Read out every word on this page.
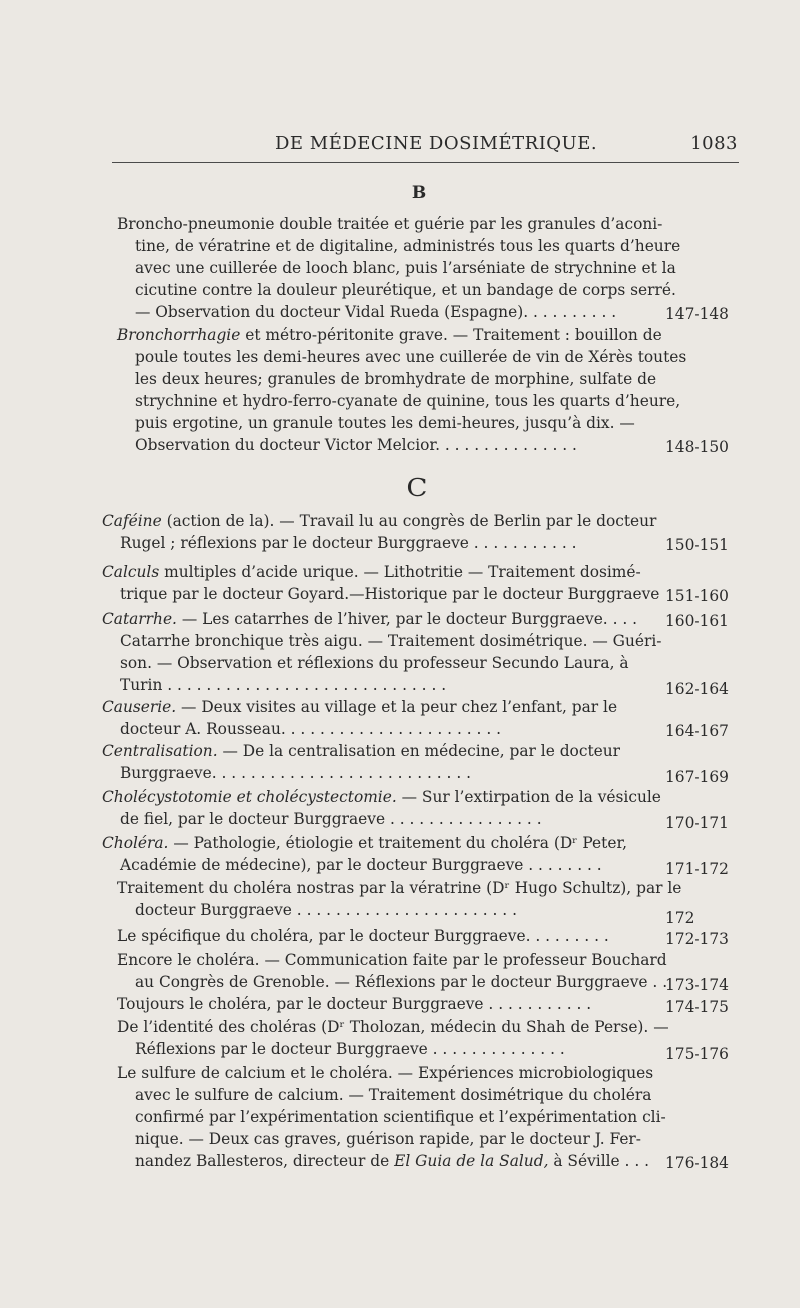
DE MÉDECINE DOSIMÉTRIQUE.	1083
B
Broncho-pneumonie double traitée et guérie par les granules d’aconi-
tine, de vératrine et de digitaline, administrés tous les quarts d’heure
avec une cuillerée de looch blanc, puis l’arséniate de strychnine et la
cicutine contre la douleur pleurétique, et un bandage de corps serré.
— Observation du docteur Vidal Rueda (Espagne). . . . . . . . . .	147-148
Bronchorrhagie et métro-péritonite grave. — Traitement : bouillon de
poule toutes les demi-heures avec une cuillerée de vin de Xérès toutes
les deux heures; granules de bromhydrate de morphine, sulfate de
strychnine et hydro-ferro-cyanate de quinine, tous les quarts d’heure,
puis ergotine, un granule toutes les demi-heures, jusqu’à dix. —
Observation du docteur Victor Melcior. . . . . . . . . . . . . . .	148-150
C
Caféine (action de la). — Travail lu au congrès de Berlin par le docteur
Rugel ; réflexions par le docteur Burggraeve . . . . . . . . . . .	150-151
Calculs multiples d’acide urique. — Lithotritie — Traitement dosimé-
trique par le docteur Goyard.—Historique par le docteur Burggraeve 151-160
Catarrhe. — Les catarrhes de l’hiver, par le docteur Burggraeve. . . . 160-161
Catarrhe bronchique très aigu. — Traitement dosimétrique. — Guéri-
son. — Observation et réflexions du professeur Secundo Laura, à
Turin . . . . . . . . . . . . . . . . . . . . . . . . . . . . .	162-164
Causerie. — Deux visites au village et la peur chez l’enfant, par le
docteur A. Rousseau. . . . . . . . . . . . . . . . . . . . . . .	164-167
Centralisation. — De la centralisation en médecine, par le docteur
Burggraeve. . . . . . . . . . . . . . . . . . . . . . . . . . .	167-169
Cholécystotomie et cholécystectomie. — Sur l’extirpation de la vésicule
de fiel, par le docteur Burggraeve . . . . . . . . . . . . . . . .	170-171
Choléra. — Pathologie, étiologie et traitement du choléra (Dʳ Peter,
Académie de médecine), par le docteur Burggraeve . . . . . . . .	171-172
Traitement du choléra nostras par la vératrine (Dʳ Hugo Schultz), par le
docteur Burggraeve . . . . . . . . . . . . . . . . . . . . . . .	172
Le spécifique du choléra, par le docteur Burggraeve. . . . . . . . .	172-173
Encore le choléra. — Communication faite par le professeur Bouchard
au Congrès de Grenoble. — Réflexions par le docteur Burggraeve . .
173-174
Toujours le choléra, par le docteur Burggraeve . . . . . . . . . . .	174-175
De l’identité des choléras (Dʳ Tholozan, médecin du Shah de Perse). —
Réflexions par le docteur Burggraeve . . . . . . . . . . . . . .	175-176
Le sulfure de calcium et le choléra. — Expériences microbiologiques
avec le sulfure de calcium. — Traitement dosimétrique du choléra
confirmé par l’expérimentation scientifique et l’expérimentation cli-
nique. — Deux cas graves, guérison rapide, par le docteur J. Fer-
nandez Ballesteros, directeur de El Guia de la Salud, à Séville . . . 176-184
